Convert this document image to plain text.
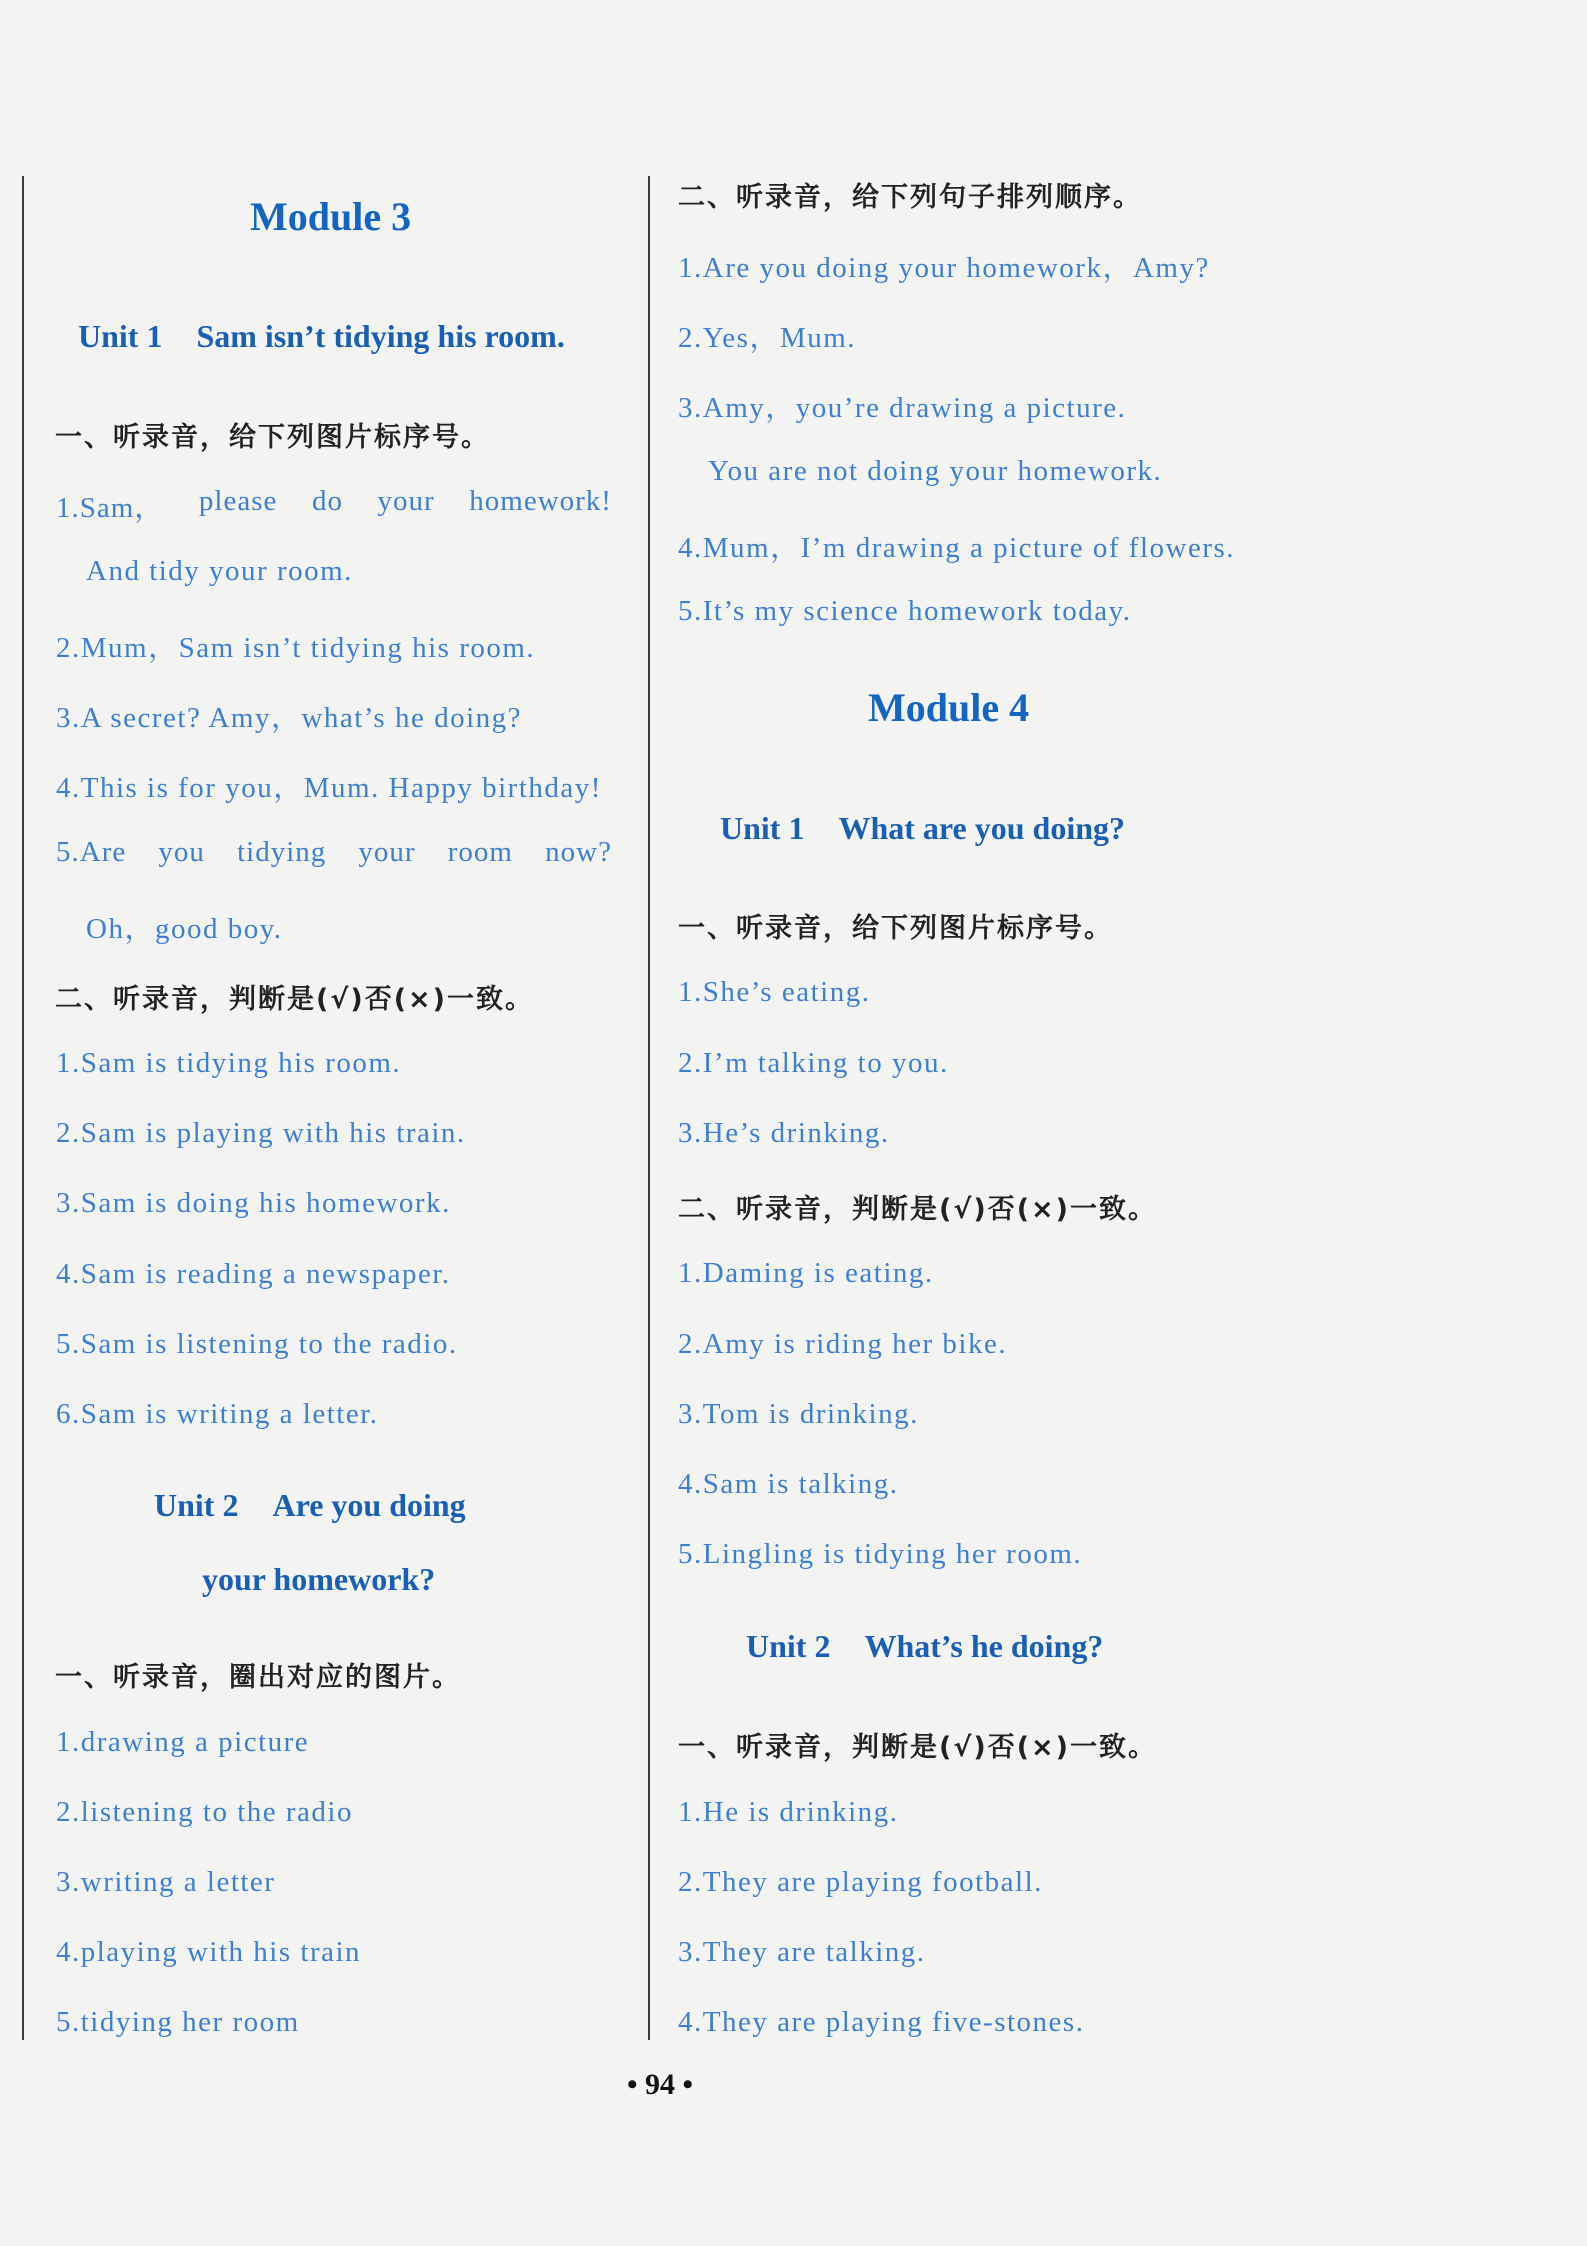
Module 3
Unit 1 Sam isn’t tidying his room.
一、听录音，给下列图片标序号。
1.Sam， please do your homework!
And tidy your room.
2.Mum，Sam isn’t tidying his room.
3.A secret? Amy，what’s he doing?
4.This is for you，Mum. Happy birthday!
5.Are you tidying your room now?
Oh，good boy.
二、听录音，判断是(√)否(×)一致。
1.Sam is tidying his room.
2.Sam is playing with his train.
3.Sam is doing his homework.
4.Sam is reading a newspaper.
5.Sam is listening to the radio.
6.Sam is writing a letter.
Unit 2 Are you doing
your homework?
一、听录音，圈出对应的图片。
1.drawing a picture
2.listening to the radio
3.writing a letter
4.playing with his train
5.tidying her room
二、听录音，给下列句子排列顺序。
1.Are you doing your homework，Amy?
2.Yes，Mum.
3.Amy，you’re drawing a picture.
You are not doing your homework.
4.Mum，I’m drawing a picture of flowers.
5.It’s my science homework today.
Module 4
Unit 1 What are you doing?
一、听录音，给下列图片标序号。
1.She’s eating.
2.I’m talking to you.
3.He’s drinking.
二、听录音，判断是(√)否(×)一致。
1.Daming is eating.
2.Amy is riding her bike.
3.Tom is drinking.
4.Sam is talking.
5.Lingling is tidying her room.
Unit 2 What’s he doing?
一、听录音，判断是(√)否(×)一致。
1.He is drinking.
2.They are playing football.
3.They are talking.
4.They are playing five-stones.
• 94 •
